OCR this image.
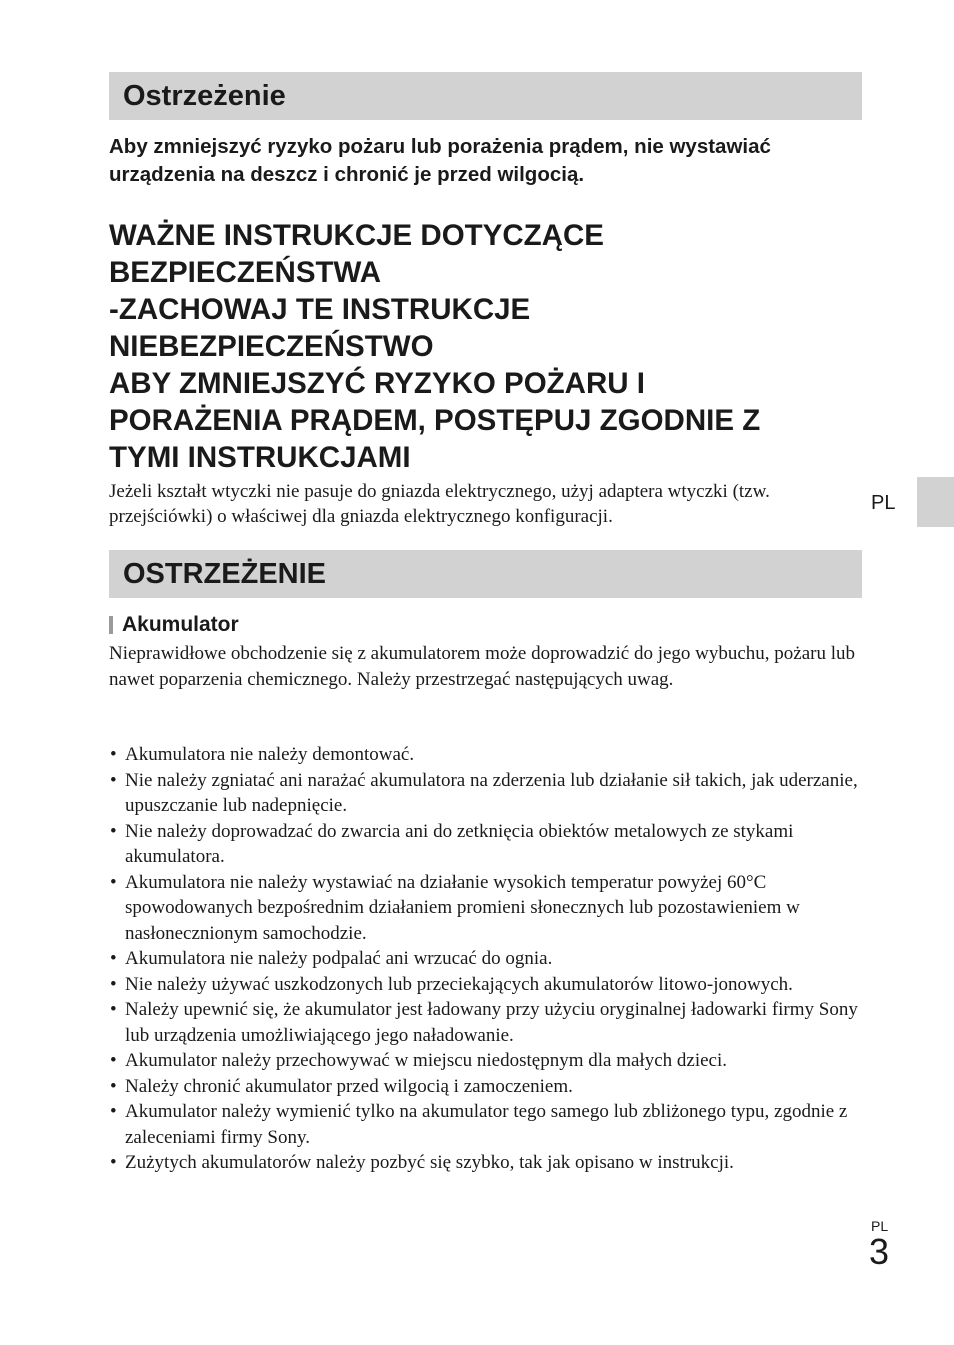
Ostrzeżenie

Aby zmniejszyć ryzyko pożaru lub porażenia prądem, nie wystawiać urządzenia na deszcz i chronić je przed wilgocią.

WAŻNE INSTRUKCJE DOTYCZĄCE
BEZPIECZEŃSTWA
-ZACHOWAJ TE INSTRUKCJE
NIEBEZPIECZEŃSTWO
ABY ZMNIEJSZYĆ RYZYKO POŻARU I
PORAŻENIA PRĄDEM, POSTĘPUJ ZGODNIE Z
TYMI INSTRUKCJAMI

Jeżeli kształt wtyczki nie pasuje do gniazda elektrycznego, użyj adaptera wtyczki (tzw. przejściówki) o właściwej dla gniazda elektrycznego konfiguracji.

PL
OSTRZEŻENIE
Akumulator

Nieprawidłowe obchodzenie się z akumulatorem może doprowadzić do jego wybuchu, pożaru lub nawet poparzenia chemicznego. Należy przestrzegać następujących uwag.

• Akumulatora nie należy demontować.
• Nie należy zgniatać ani narażać akumulatora na zderzenia lub działanie sił takich, jak uderzanie, upuszczanie lub nadepnięcie.
• Nie należy doprowadzać do zwarcia ani do zetknięcia obiektów metalowych ze stykami akumulatora.
• Akumulatora nie należy wystawiać na działanie wysokich temperatur powyżej 60°C spowodowanych bezpośrednim działaniem promieni słonecznych lub pozostawieniem w nasłonecznionym samochodzie.
• Akumulatora nie należy podpalać ani wrzucać do ognia.
• Nie należy używać uszkodzonych lub przeciekających akumulatorów litowo-jonowych.
• Należy upewnić się, że akumulator jest ładowany przy użyciu oryginalnej ładowarki firmy Sony lub urządzenia umożliwiającego jego naładowanie.
• Akumulator należy przechowywać w miejscu niedostępnym dla małych dzieci.
• Należy chronić akumulator przed wilgocią i zamoczeniem.
• Akumulator należy wymienić tylko na akumulator tego samego lub zbliżonego typu, zgodnie z zaleceniami firmy Sony.
• Zużytych akumulatorów należy pozbyć się szybko, tak jak opisano w instrukcji.
PL
3
